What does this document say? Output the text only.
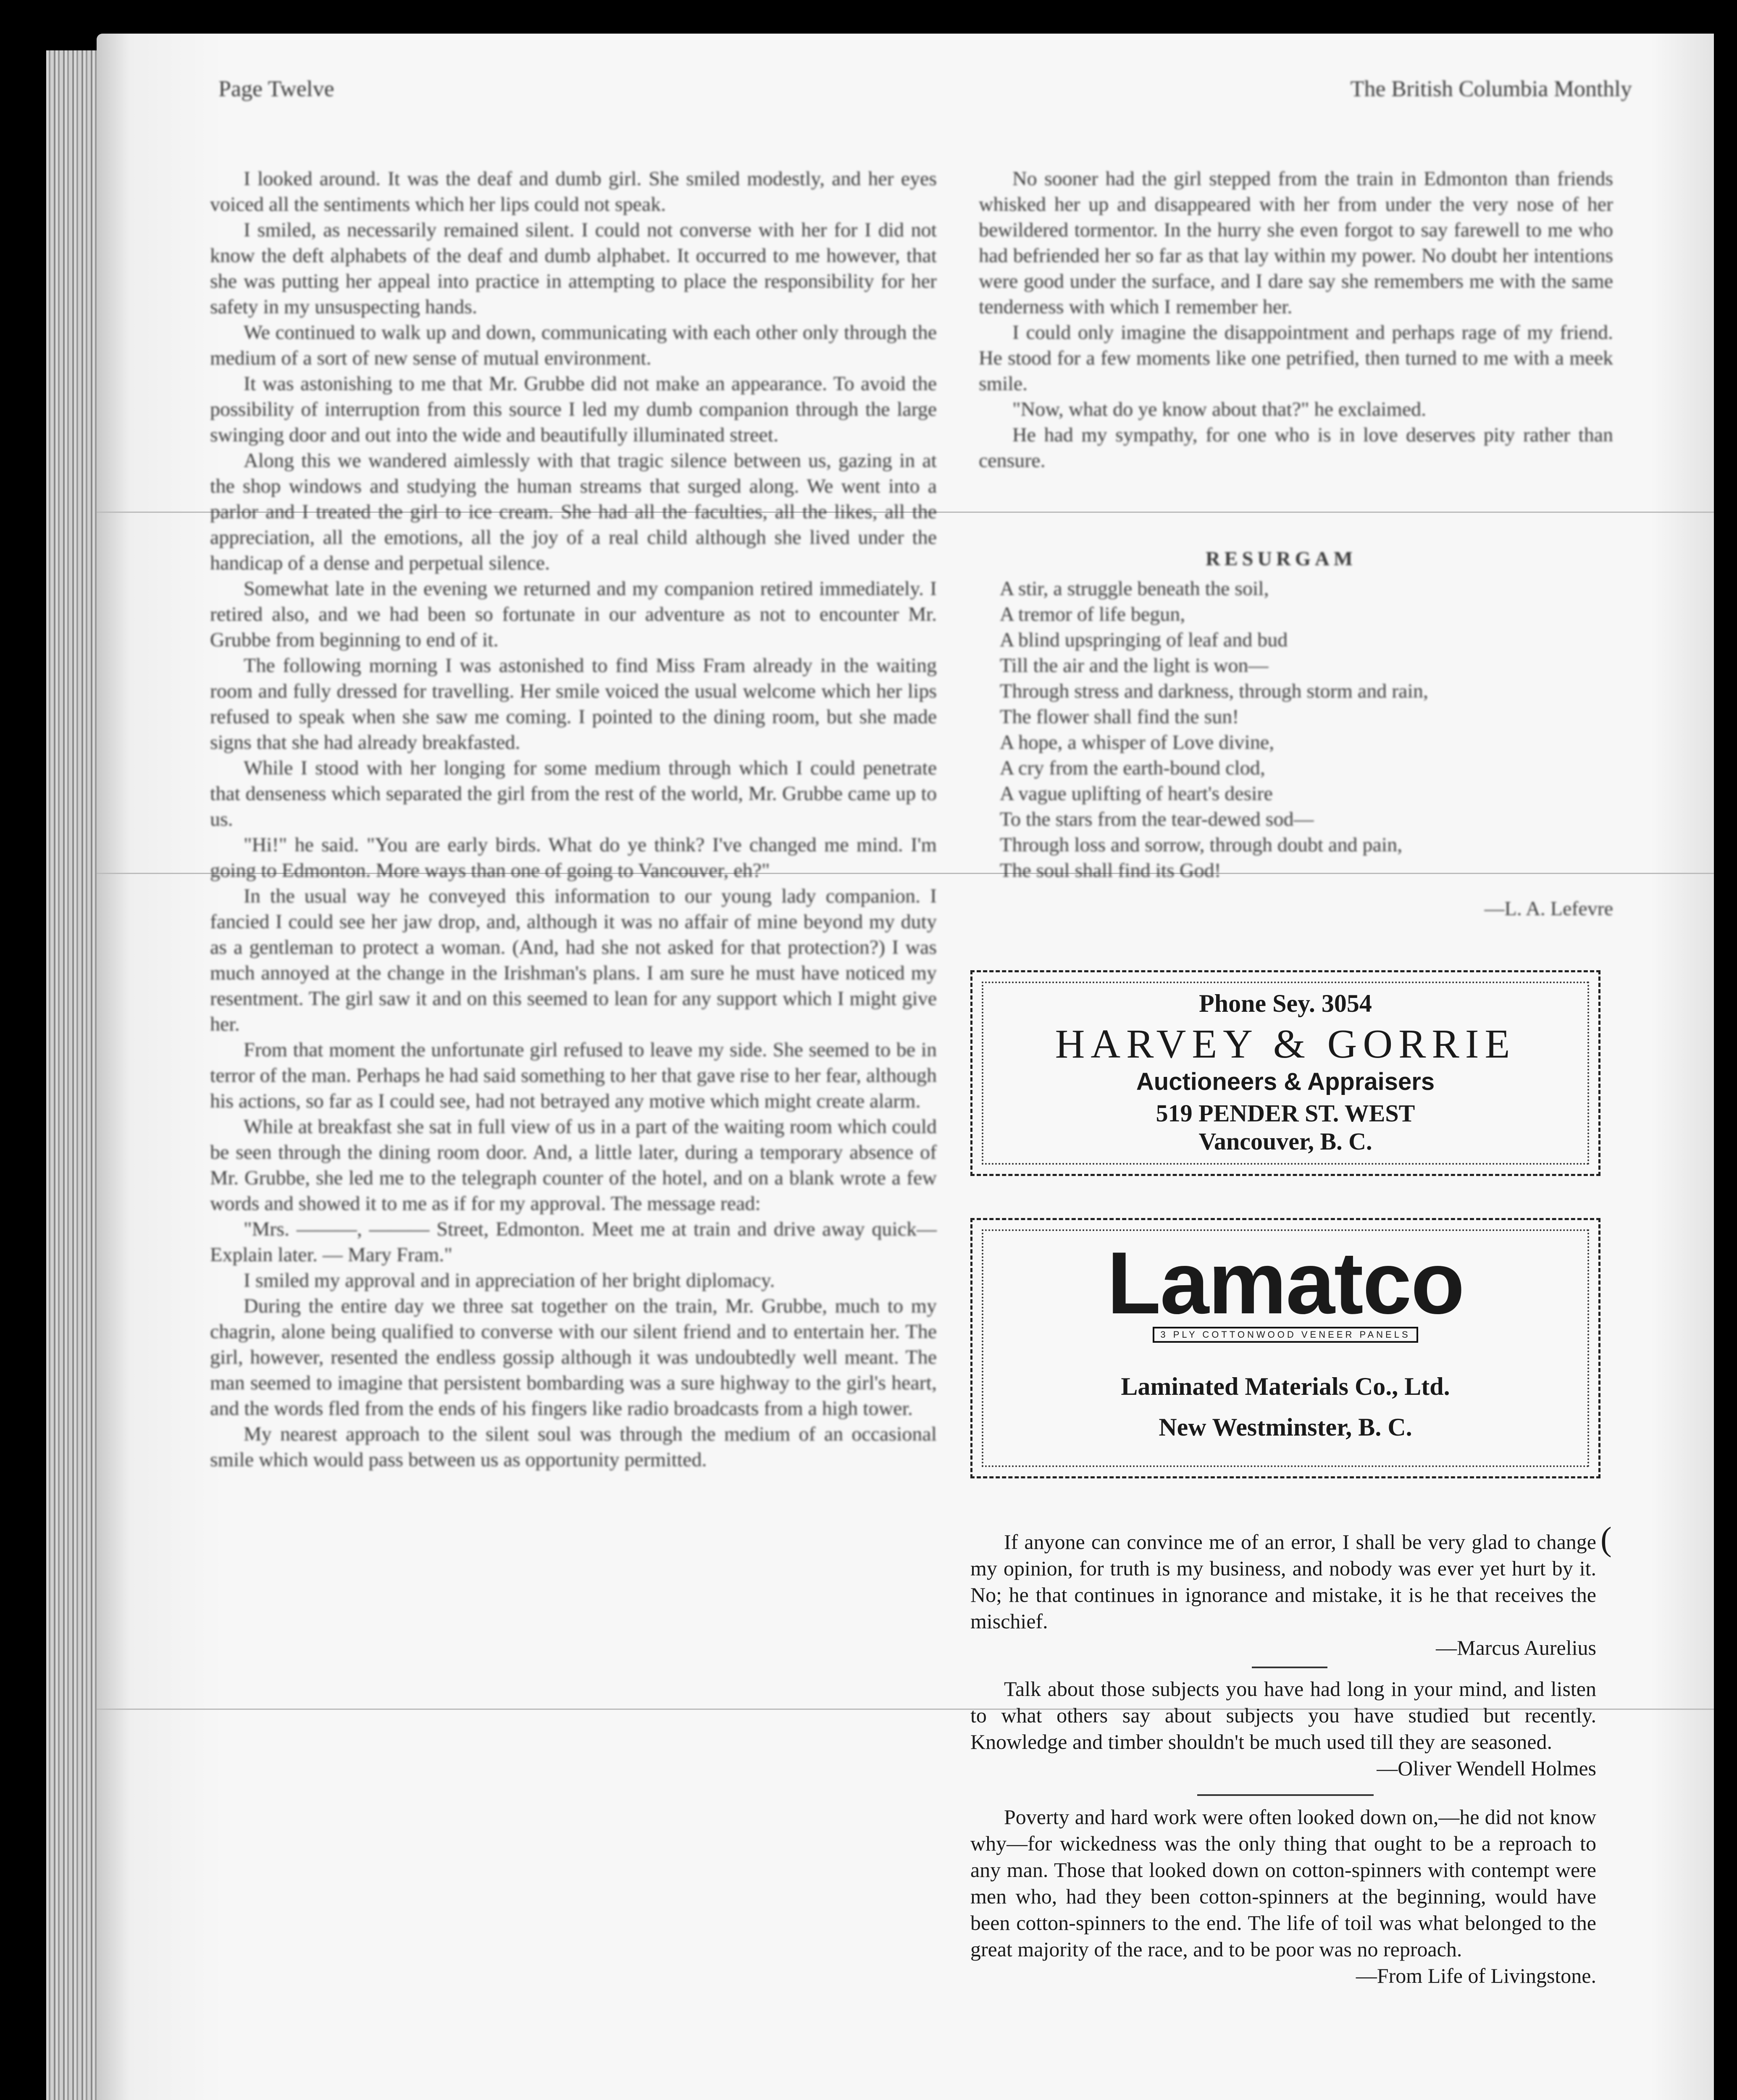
Page Twelve	The British Columbia Monthly

I looked around. It was the deaf and dumb girl. She smiled modestly, and her eyes voiced all the sentiments which her lips could not speak.

I smiled, as necessarily remained silent. I could not converse with her for I did not know the deft alphabets of the deaf and dumb alphabet. It occurred to me however, that she was putting her appeal into practice in attempting to place the responsibility for her safety in my unsuspecting hands.

We continued to walk up and down, communicating with each other only through the medium of a sort of new sense of mutual environment.

It was astonishing to me that Mr. Grubbe did not make an appearance. To avoid the possibility of interruption from this source I led my dumb companion through the large swinging door and out into the wide and beautifully illuminated street.

Along this we wandered aimlessly with that tragic silence between us, gazing in at the shop windows and studying the human streams that surged along. We went into a parlor and I treated the girl to ice cream. She had all the faculties, all the likes, all the appreciation, all the emotions, all the joy of a real child although she lived under the handicap of a dense and perpetual silence.

Somewhat late in the evening we returned and my companion retired immediately. I retired also, and we had been so fortunate in our adventure as not to encounter Mr. Grubbe from beginning to end of it.

The following morning I was astonished to find Miss Fram already in the waiting room and fully dressed for travelling. Her smile voiced the usual welcome which her lips refused to speak when she saw me coming. I pointed to the dining room, but she made signs that she had already breakfasted.

While I stood with her longing for some medium through which I could penetrate that denseness which separated the girl from the rest of the world, Mr. Grubbe came up to us.

"Hi!" he said. "You are early birds. What do ye think? I've changed me mind. I'm going to Edmonton. More ways than one of going to Vancouver, eh?"

In the usual way he conveyed this information to our young lady companion. I fancied I could see her jaw drop, and, although it was no affair of mine beyond my duty as a gentleman to protect a woman. (And, had she not asked for that protection?) I was much annoyed at the change in the Irishman's plans. I am sure he must have noticed my resentment. The girl saw it and on this seemed to lean for any support which I might give her.

From that moment the unfortunate girl refused to leave my side. She seemed to be in terror of the man. Perhaps he had said something to her that gave rise to her fear, although his actions, so far as I could see, had not betrayed any motive which might create alarm.

While at breakfast she sat in full view of us in a part of the waiting room which could be seen through the dining room door. And, a little later, during a temporary absence of Mr. Grubbe, she led me to the telegraph counter of the hotel, and on a blank wrote a few words and showed it to me as if for my approval. The message read:

"Mrs. ———, ——— Street, Edmonton. Meet me at train and drive away quick—Explain later. — Mary Fram."

I smiled my approval and in appreciation of her bright diplomacy.

During the entire day we three sat together on the train, Mr. Grubbe, much to my chagrin, alone being qualified to converse with our silent friend and to entertain her. The girl, however, resented the endless gossip although it was undoubtedly well meant. The man seemed to imagine that persistent bombarding was a sure highway to the girl's heart, and the words fled from the ends of his fingers like radio broadcasts from a high tower.

My nearest approach to the silent soul was through the medium of an occasional smile which would pass between us as opportunity permitted.

No sooner had the girl stepped from the train in Edmonton than friends whisked her up and disappeared with her from under the very nose of her bewildered tormentor. In the hurry she even forgot to say farewell to me who had befriended her so far as that lay within my power. No doubt her intentions were good under the surface, and I dare say she remembers me with the same tenderness with which I remember her.

I could only imagine the disappointment and perhaps rage of my friend. He stood for a few moments like one petrified, then turned to me with a meek smile.

"Now, what do ye know about that?" he exclaimed.

He had my sympathy, for one who is in love deserves pity rather than censure.

RESURGAM
A stir, a struggle beneath the soil,
A tremor of life begun,
A blind upspringing of leaf and bud
Till the air and the light is won—
Through stress and darkness, through storm and rain,
The flower shall find the sun!
A hope, a whisper of Love divine,
A cry from the earth-bound clod,
A vague uplifting of heart's desire
To the stars from the tear-dewed sod—
Through loss and sorrow, through doubt and pain,
The soul shall find its God!
—L. A. Lefevre
Phone Sey. 3054
HARVEY & GORRIE
Auctioneers & Appraisers
519 PENDER ST. WEST
Vancouver, B. C.
Lamatco
3 PLY COTTONWOOD VENEER PANELS
Laminated Materials Co., Ltd.
New Westminster, B. C.
(

If anyone can convince me of an error, I shall be very glad to change my opinion, for truth is my business, and nobody was ever yet hurt by it. No; he that continues in ignorance and mistake, it is he that receives the mischief.

—Marcus Aurelius

Talk about those subjects you have had long in your mind, and listen to what others say about subjects you have studied but recently. Knowledge and timber shouldn't be much used till they are seasoned.

—Oliver Wendell Holmes

Poverty and hard work were often looked down on,—he did not know why—for wickedness was the only thing that ought to be a reproach to any man. Those that looked down on cotton-spinners with contempt were men who, had they been cotton-spinners at the beginning, would have been cotton-spinners to the end. The life of toil was what belonged to the great majority of the race, and to be poor was no reproach.

—From Life of Livingstone.
